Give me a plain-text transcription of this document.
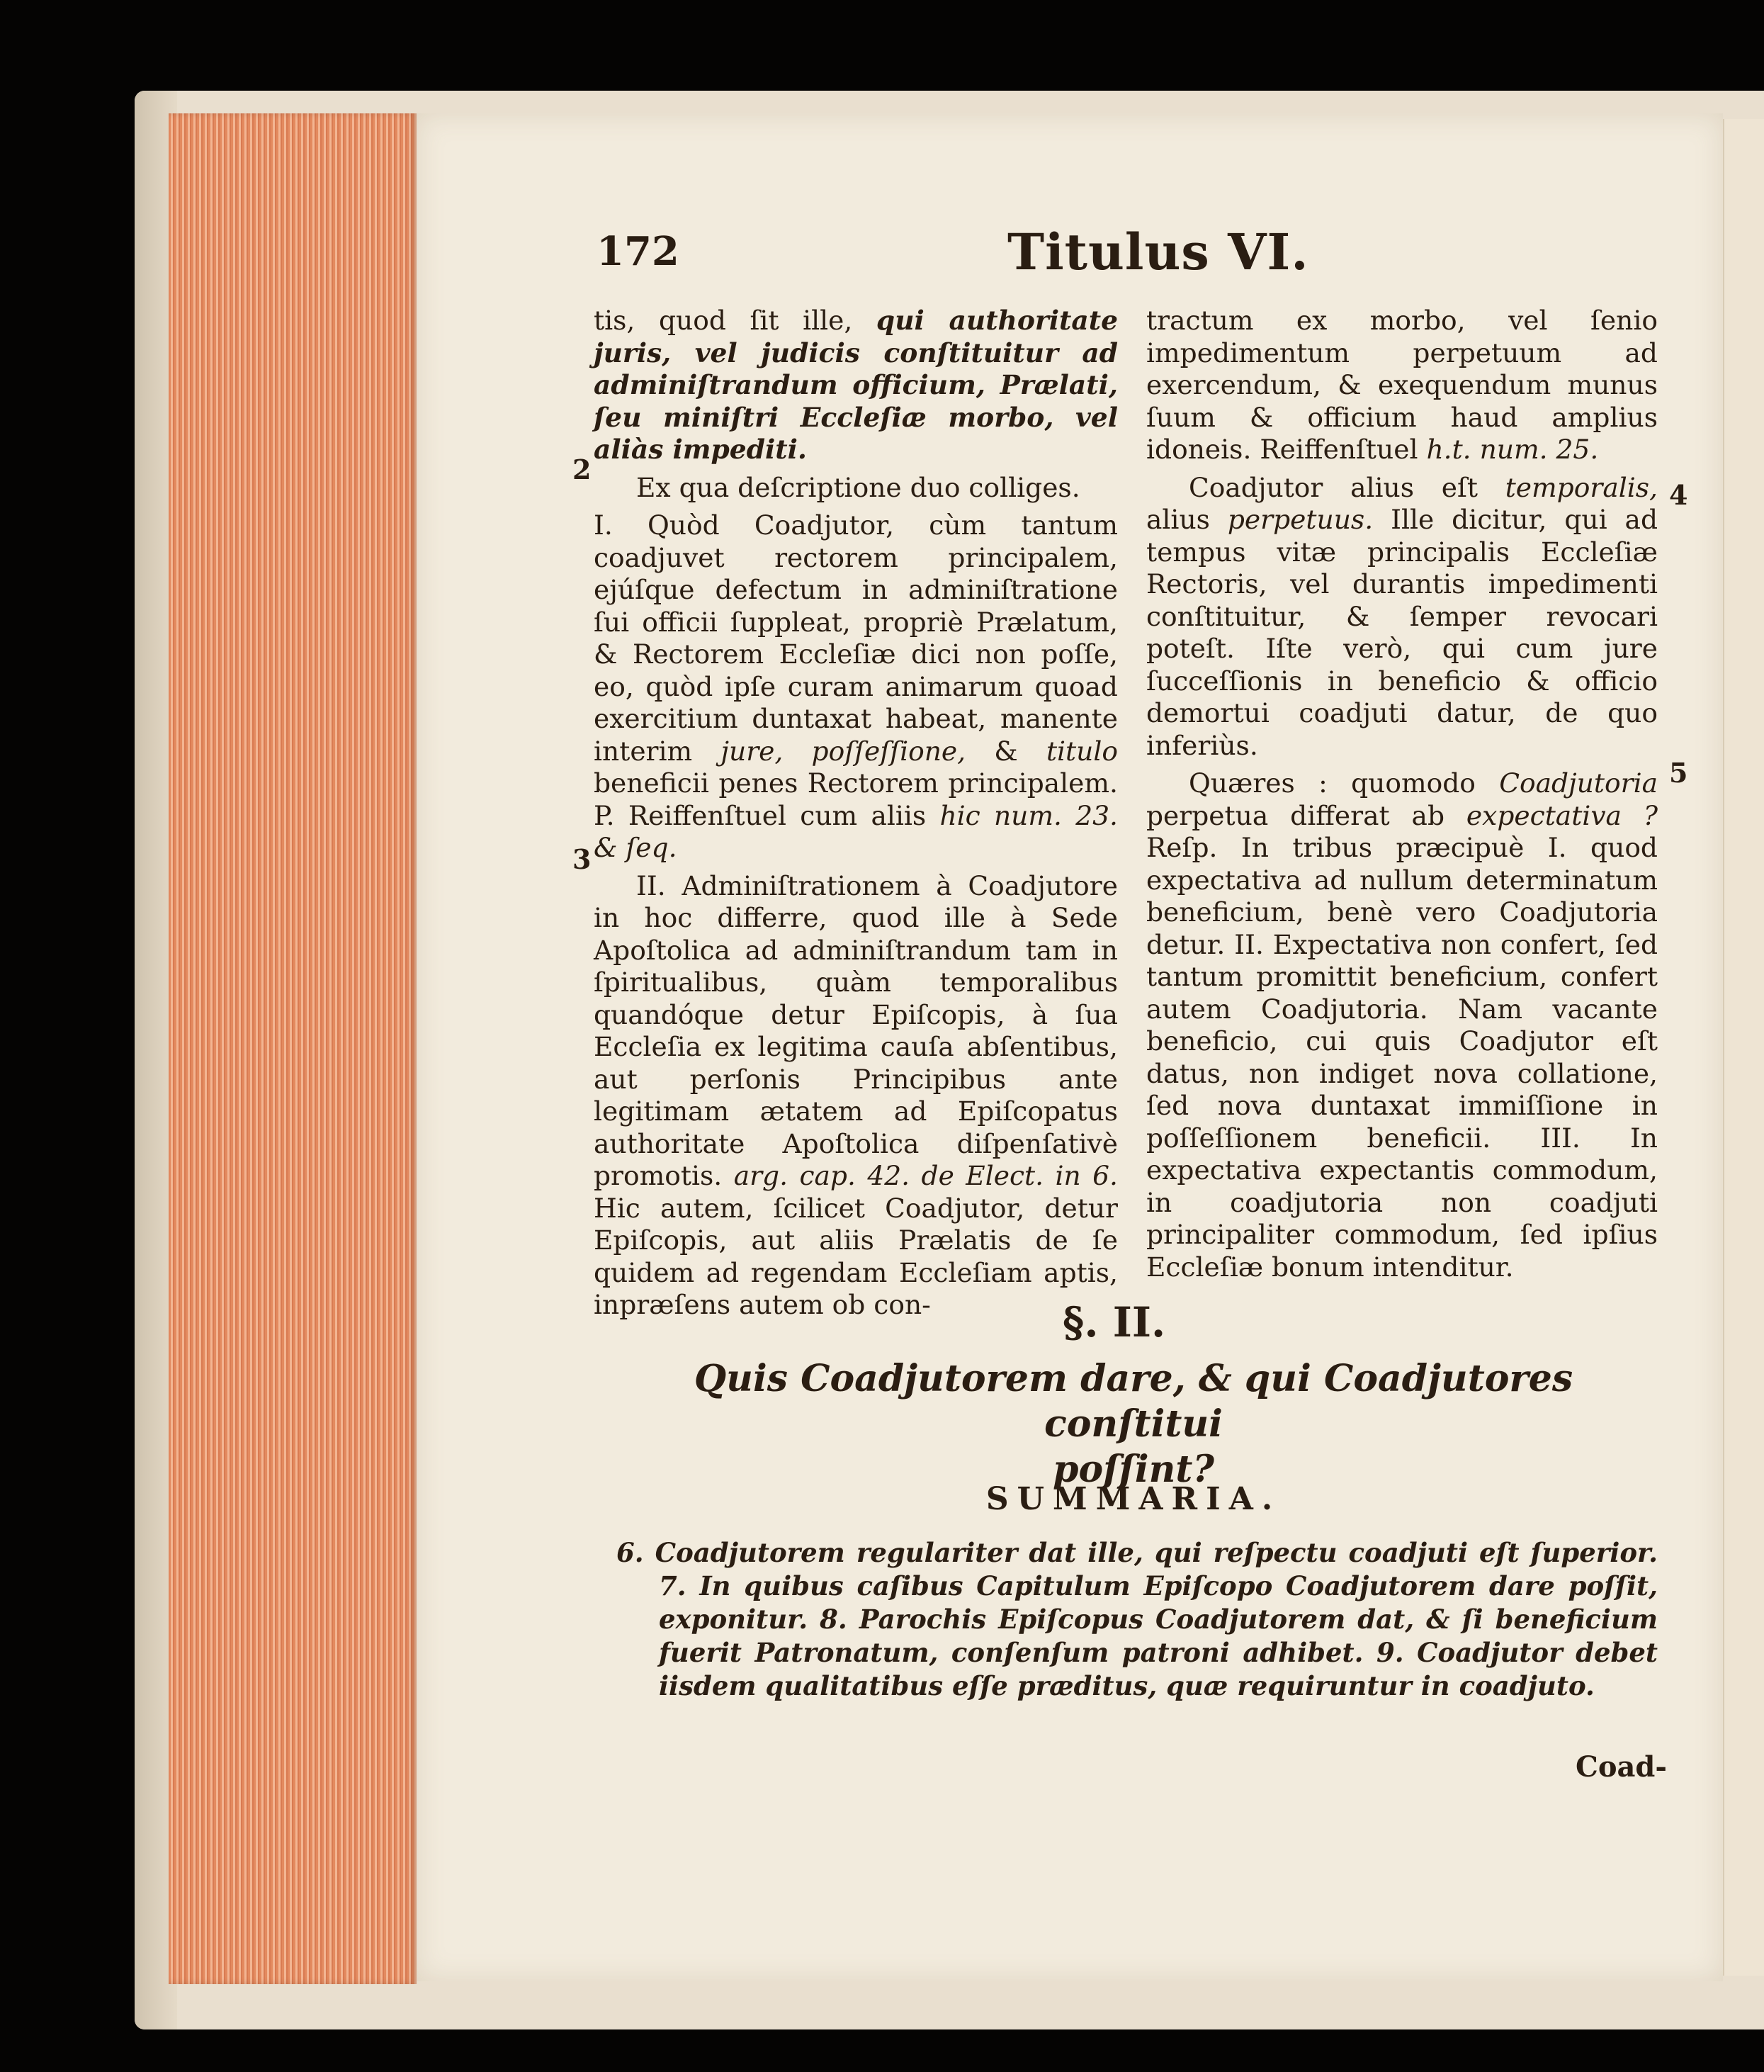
172	Titulus VI.
2
3
4
5

tis, quod ſit ille, qui authoritate juris, vel judicis conſtituitur ad adminiſtrandum officium, Prælati, ſeu miniſtri Eccleſiæ morbo, vel aliàs impediti.

Ex qua deſcriptione duo colliges.

I. Quòd Coadjutor, cùm tantum coadjuvet rectorem principalem, ejúſque defectum in adminiſtratione ſui officii ſuppleat, propriè Prælatum, & Rectorem Eccleſiæ dici non poſſe, eo, quòd ipſe curam animarum quoad exercitium duntaxat habeat, manente interim jure, poſſeſſione, & titulo beneficii penes Rectorem principalem. P. Reiffenſtuel cum aliis hic num. 23. & ſeq.

II. Adminiſtrationem à Coadjutore in hoc differre, quod ille à Sede Apoſtolica ad adminiſtrandum tam in ſpiritualibus, quàm temporalibus quandóque detur Epiſcopis, à ſua Eccleſia ex legitima cauſa abſentibus, aut perſonis Principibus ante legitimam ætatem ad Epiſcopatus authoritate Apoſtolica diſpenſativè promotis. arg. cap. 42. de Elect. in 6. Hic autem, ſcilicet Coadjutor, detur Epiſcopis, aut aliis Prælatis de ſe quidem ad regendam Eccleſiam aptis, inpræſens autem ob con-

tractum ex morbo, vel ſenio impedimentum perpetuum ad exercendum, & exequendum munus ſuum & officium haud amplius idoneis. Reiffenſtuel h.t. num. 25.

Coadjutor alius eſt temporalis, alius perpetuus. Ille dicitur, qui ad tempus vitæ principalis Eccleſiæ Rectoris, vel durantis impedimenti conſtituitur, & ſemper revocari poteſt. Iſte verò, qui cum jure ſucceſſionis in beneficio & officio demortui coadjuti datur, de quo inferiùs.

Quæres : quomodo Coadjutoria perpetua differat ab expectativa ? Reſp. In tribus præcipuè I. quod expectativa ad nullum determinatum beneficium, benè vero Coadjutoria detur. II. Expectativa non confert, ſed tantum promittit beneficium, confert autem Coadjutoria. Nam vacante beneficio, cui quis Coadjutor eſt datus, non indiget nova collatione, ſed nova duntaxat immiſſione in poſſeſſionem beneficii. III. In expectativa expectantis commodum, in coadjutoria non coadjuti principaliter commodum, ſed ipſius Eccleſiæ bonum intenditur.

§. II.
Quis Coadjutorem dare, & qui Coadjutores conſtitui
poſſint?
SUMMARIA.
6. Coadjutorem regulariter dat ille, qui reſpectu coadjuti eſt ſuperior. 7. In quibus caſibus Capitulum Epiſcopo Coadjutorem dare poſſit, exponitur. 8. Parochis Epiſcopus Coadjutorem dat, & ſi beneficium fuerit Patronatum, conſenſum patroni adhibet. 9. Coadjutor debet iisdem qualitatibus eſſe præditus, quæ requiruntur in coadjuto.
Coad-
